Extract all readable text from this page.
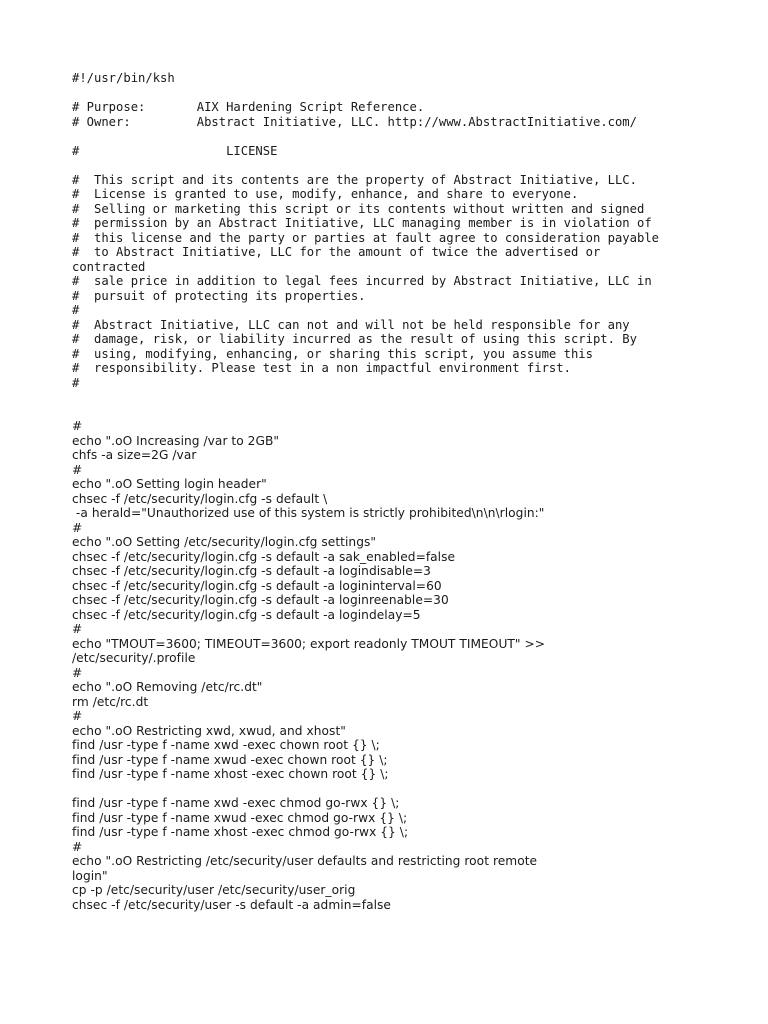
#!/usr/bin/ksh
# Purpose:       AIX Hardening Script Reference.
# Owner:         Abstract Initiative, LLC. http://www.AbstractInitiative.com/
#                    LICENSE
#  This script and its contents are the property of Abstract Initiative, LLC.
#  License is granted to use, modify, enhance, and share to everyone.
#  Selling or marketing this script or its contents without written and signed
#  permission by an Abstract Initiative, LLC managing member is in violation of
#  this license and the party or parties at fault agree to consideration payable
#  to Abstract Initiative, LLC for the amount of twice the advertised or
contracted
#  sale price in addition to legal fees incurred by Abstract Initiative, LLC in
#  pursuit of protecting its properties.
#
#  Abstract Initiative, LLC can not and will not be held responsible for any
#  damage, risk, or liability incurred as the result of using this script. By
#  using, modifying, enhancing, or sharing this script, you assume this
#  responsibility. Please test in a non impactful environment first.
#
#
echo ".oO Increasing /var to 2GB"
chfs -a size=2G /var
#
echo ".oO Setting login header"
chsec -f /etc/security/login.cfg -s default \
-a herald="Unauthorized use of this system is strictly prohibited\n\n\rlogin:"
#
echo ".oO Setting /etc/security/login.cfg settings"
chsec -f /etc/security/login.cfg -s default -a sak_enabled=false
chsec -f /etc/security/login.cfg -s default -a logindisable=3
chsec -f /etc/security/login.cfg -s default -a logininterval=60
chsec -f /etc/security/login.cfg -s default -a loginreenable=30
chsec -f /etc/security/login.cfg -s default -a logindelay=5
#
echo "TMOUT=3600; TIMEOUT=3600; export readonly TMOUT TIMEOUT" >>
/etc/security/.profile
#
echo ".oO Removing /etc/rc.dt"
rm /etc/rc.dt
#
echo ".oO Restricting xwd, xwud, and xhost"
find /usr -type f -name xwd -exec chown root {} \;
find /usr -type f -name xwud -exec chown root {} \;
find /usr -type f -name xhost -exec chown root {} \;
find /usr -type f -name xwd -exec chmod go-rwx {} \;
find /usr -type f -name xwud -exec chmod go-rwx {} \;
find /usr -type f -name xhost -exec chmod go-rwx {} \;
#
echo ".oO Restricting /etc/security/user defaults and restricting root remote
login"
cp -p /etc/security/user /etc/security/user_orig
chsec -f /etc/security/user -s default -a admin=false
